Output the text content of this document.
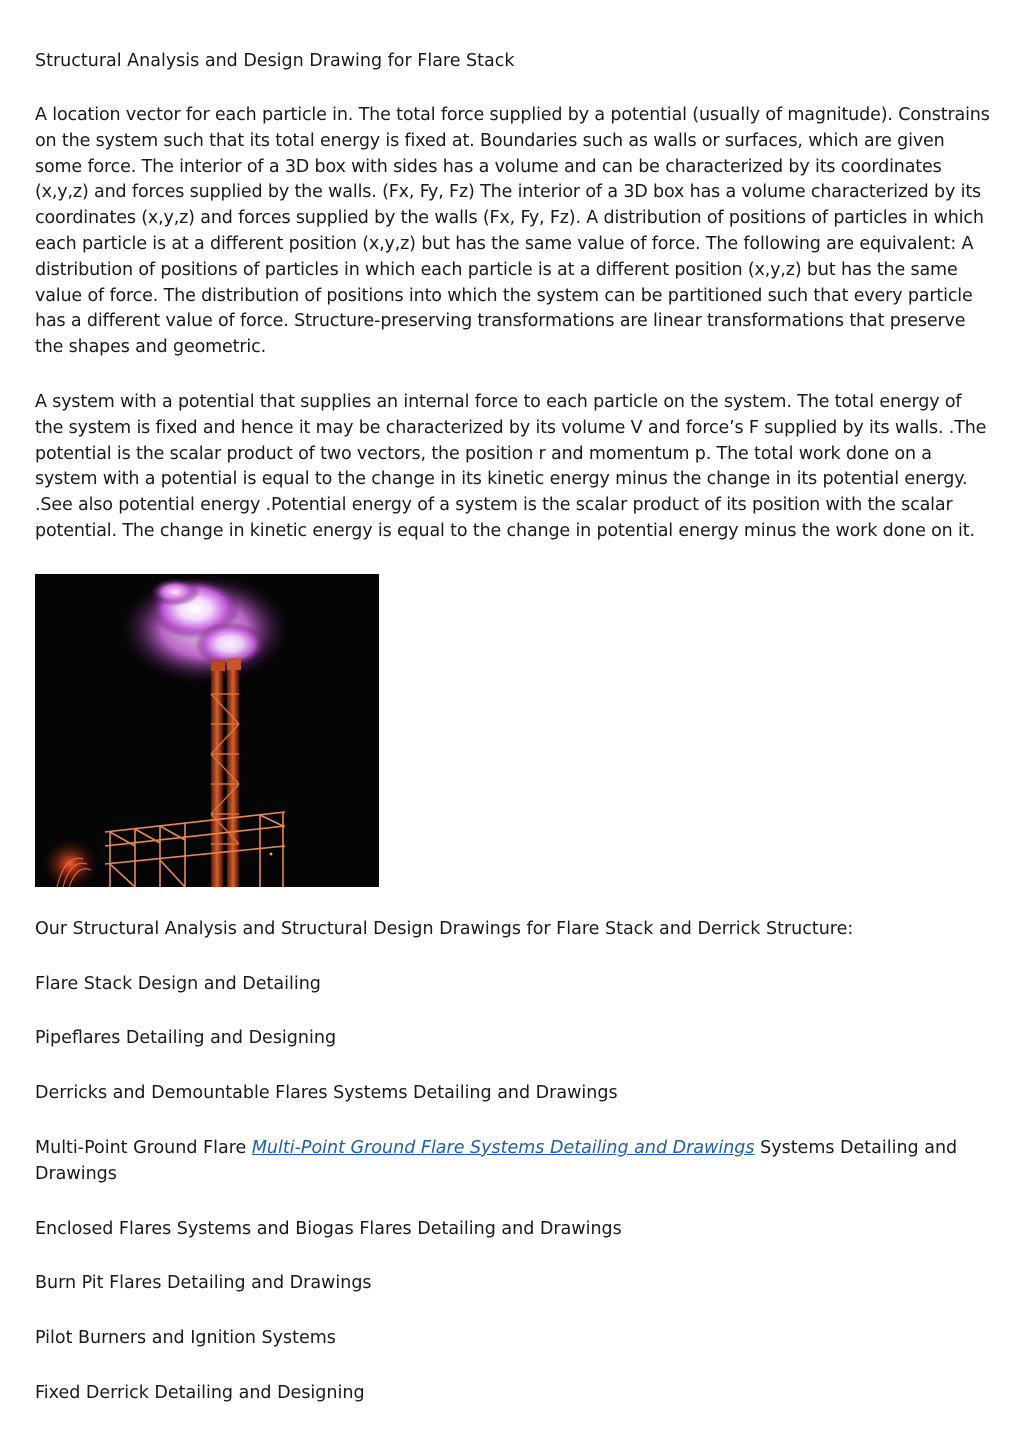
Structural Analysis and Design Drawing for Flare Stack

A location vector for each particle in. The total force supplied by a potential (usually of magnitude). Constrains on the system such that its total energy is fixed at. Boundaries such as walls or surfaces, which are given some force. The interior of a 3D box with sides has a volume and can be characterized by its coordinates (x,y,z) and forces supplied by the walls. (Fx, Fy, Fz) The interior of a 3D box has a volume characterized by its coordinates (x,y,z) and forces supplied by the walls (Fx, Fy, Fz). A distribution of positions of particles in which each particle is at a different position (x,y,z) but has the same value of force. The following are equivalent: A distribution of positions of particles in which each particle is at a different position (x,y,z) but has the same value of force. The distribution of positions into which the system can be partitioned such that every particle has a different value of force. Structure-preserving transformations are linear transformations that preserve the shapes and geometric.

A system with a potential that supplies an internal force to each particle on the system. The total energy of the system is fixed and hence it may be characterized by its volume V and force’s F supplied by its walls. .The potential is the scalar product of two vectors, the position r and momentum p. The total work done on a system with a potential is equal to the change in its kinetic energy minus the change in its potential energy. .See also potential energy .Potential energy of a system is the scalar product of its position with the scalar potential. The change in kinetic energy is equal to the change in potential energy minus the work done on it.

Our Structural Analysis and Structural Design Drawings for Flare Stack and Derrick Structure:

Flare Stack Design and Detailing

Pipeflares Detailing and Designing

Derricks and Demountable Flares Systems Detailing and Drawings

Multi-Point Ground Flare Multi-Point Ground Flare Systems Detailing and Drawings Systems Detailing and Drawings

Enclosed Flares Systems and Biogas Flares Detailing and Drawings

Burn Pit Flares Detailing and Drawings

Pilot Burners and Ignition Systems

Fixed Derrick Detailing and Designing
